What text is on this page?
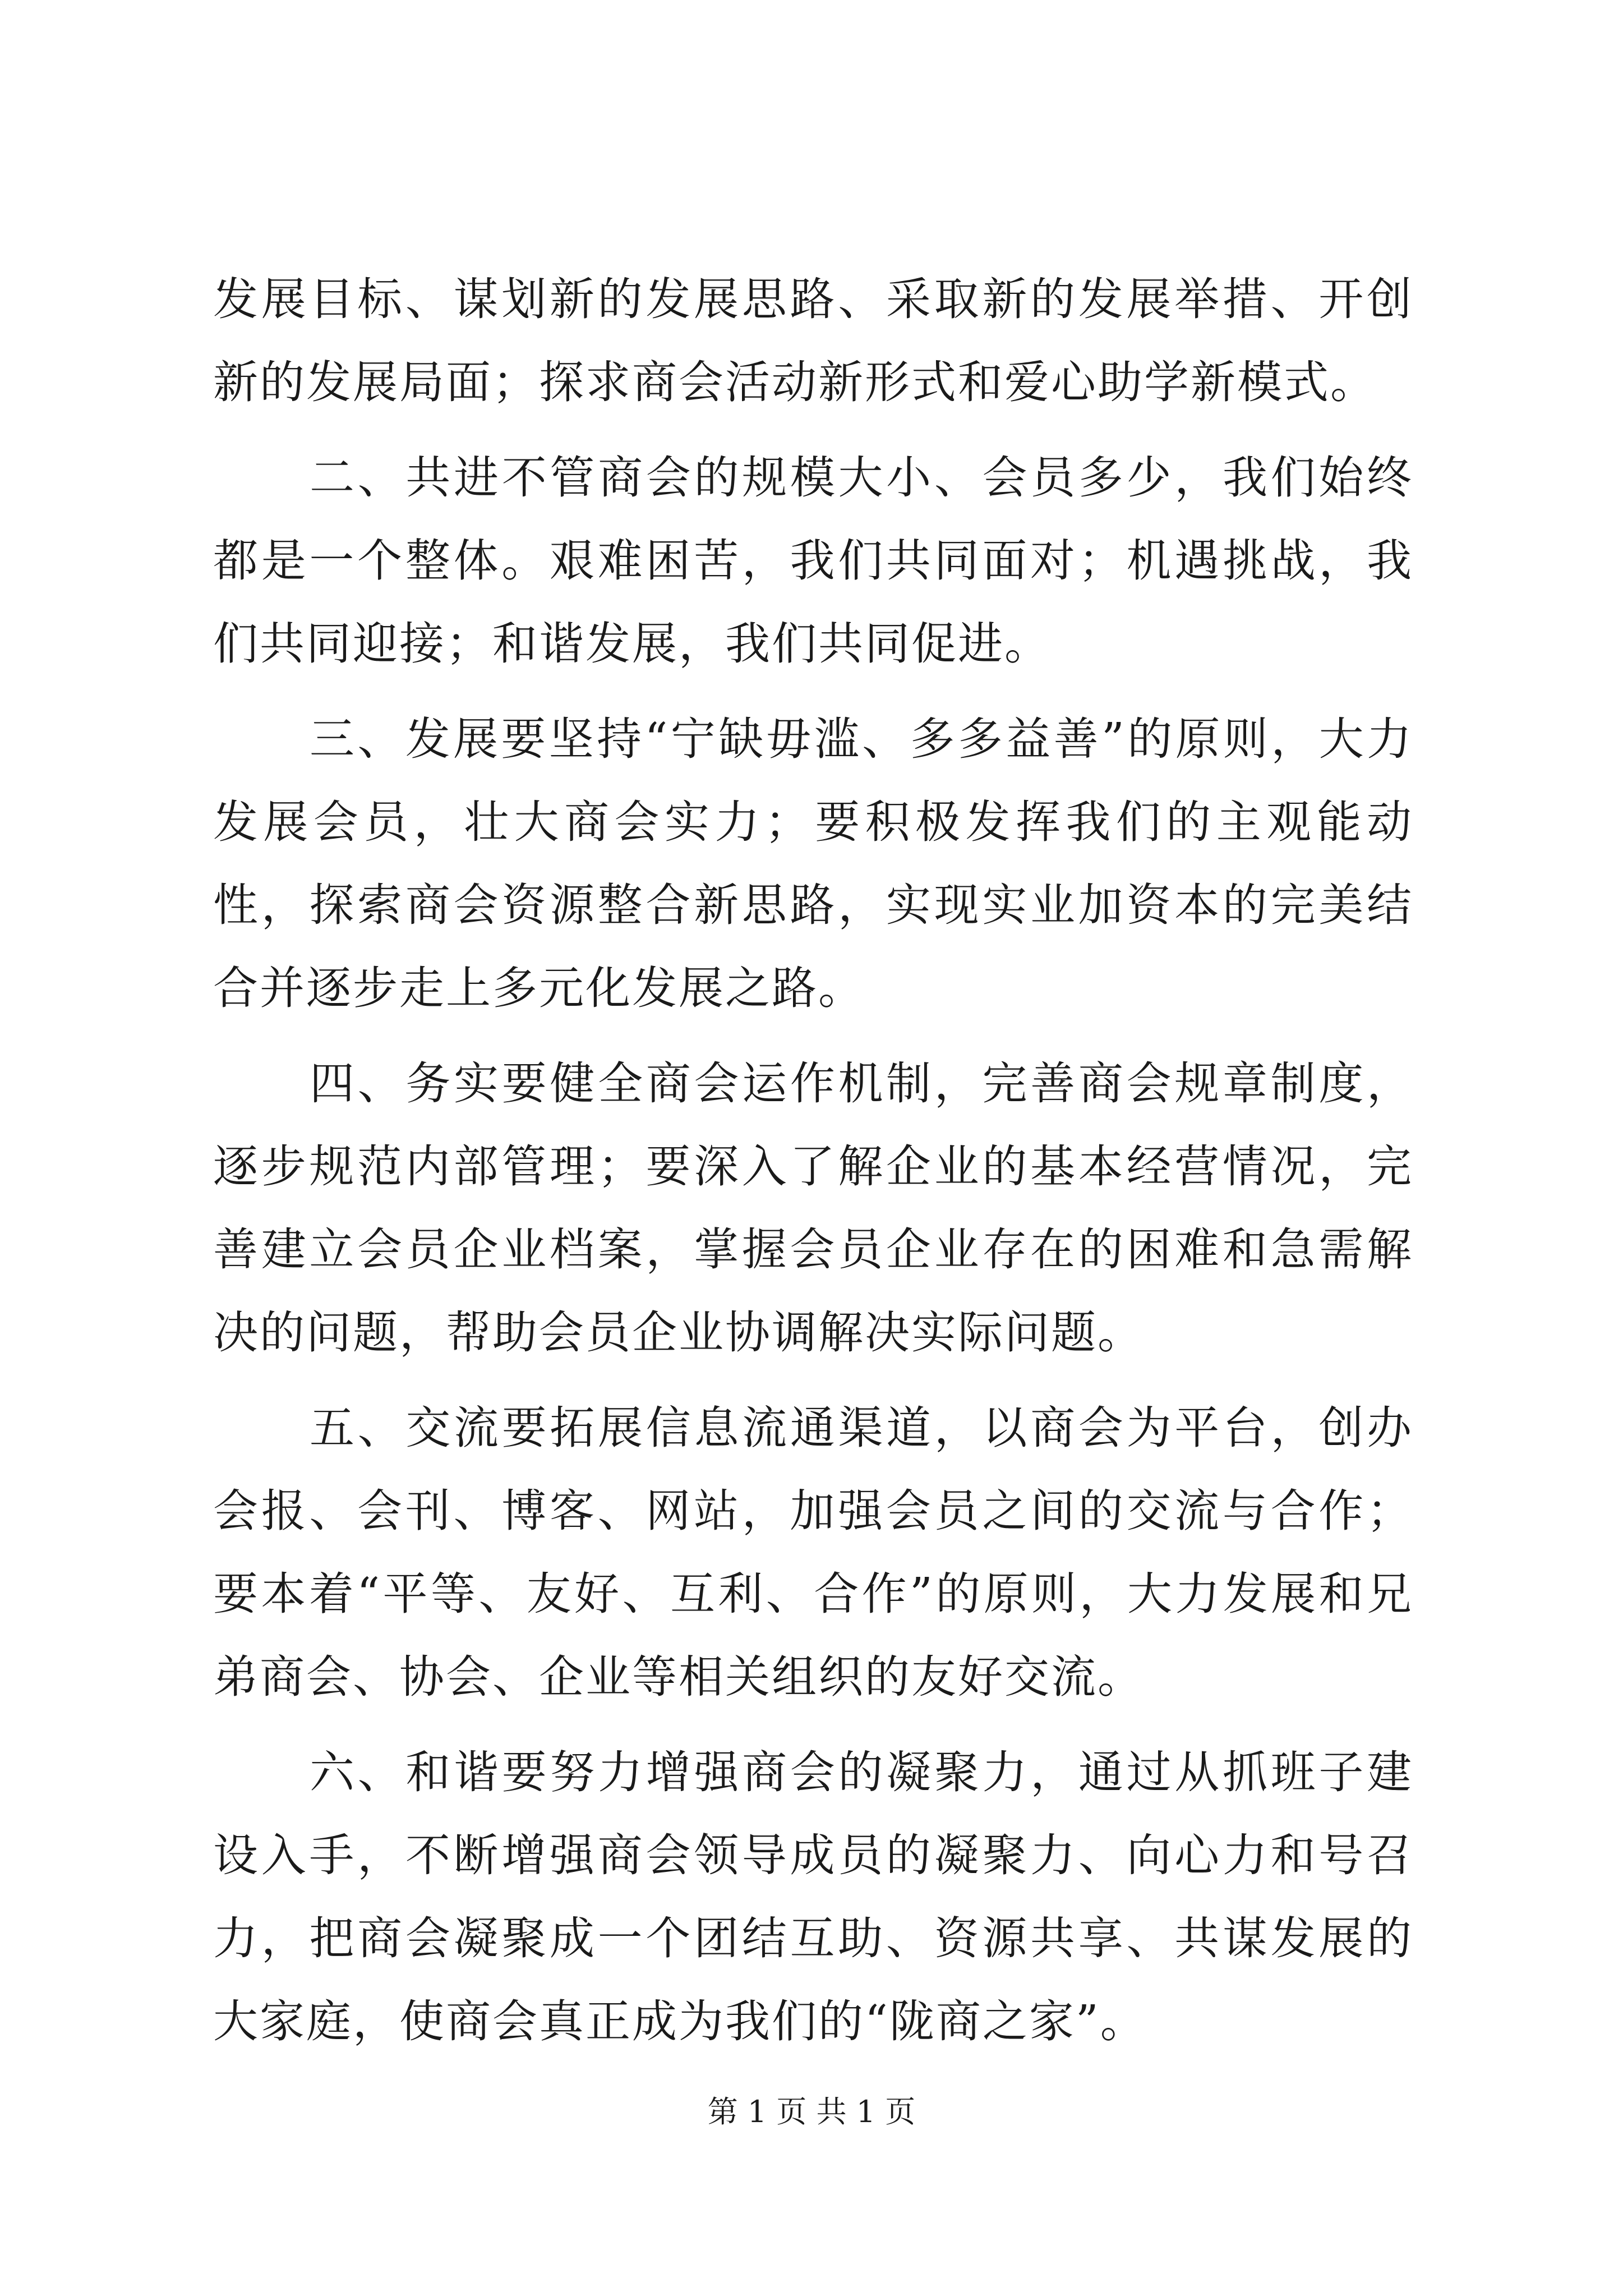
发展目标、谋划新的发展思路、采取新的发展举措、开创新的发展局面；探求商会活动新形式和爱心助学新模式。

二、共进不管商会的规模大小、会员多少，我们始终都是一个整体。艰难困苦，我们共同面对；机遇挑战，我们共同迎接；和谐发展，我们共同促进。

三、发展要坚持“宁缺毋滥、多多益善”的原则，大力发展会员，壮大商会实力；要积极发挥我们的主观能动性，探索商会资源整合新思路，实现实业加资本的完美结合并逐步走上多元化发展之路。

四、务实要健全商会运作机制，完善商会规章制度，逐步规范内部管理；要深入了解企业的基本经营情况，完善建立会员企业档案，掌握会员企业存在的困难和急需解决的问题，帮助会员企业协调解决实际问题。

五、交流要拓展信息流通渠道，以商会为平台，创办会报、会刊、博客、网站，加强会员之间的交流与合作；要本着“平等、友好、互利、合作”的原则，大力发展和兄弟商会、协会、企业等相关组织的友好交流。

六、和谐要努力增强商会的凝聚力，通过从抓班子建设入手，不断增强商会领导成员的凝聚力、向心力和号召力，把商会凝聚成一个团结互助、资源共享、共谋发展的大家庭，使商会真正成为我们的“陇商之家”。

第 1 页 共 1 页
